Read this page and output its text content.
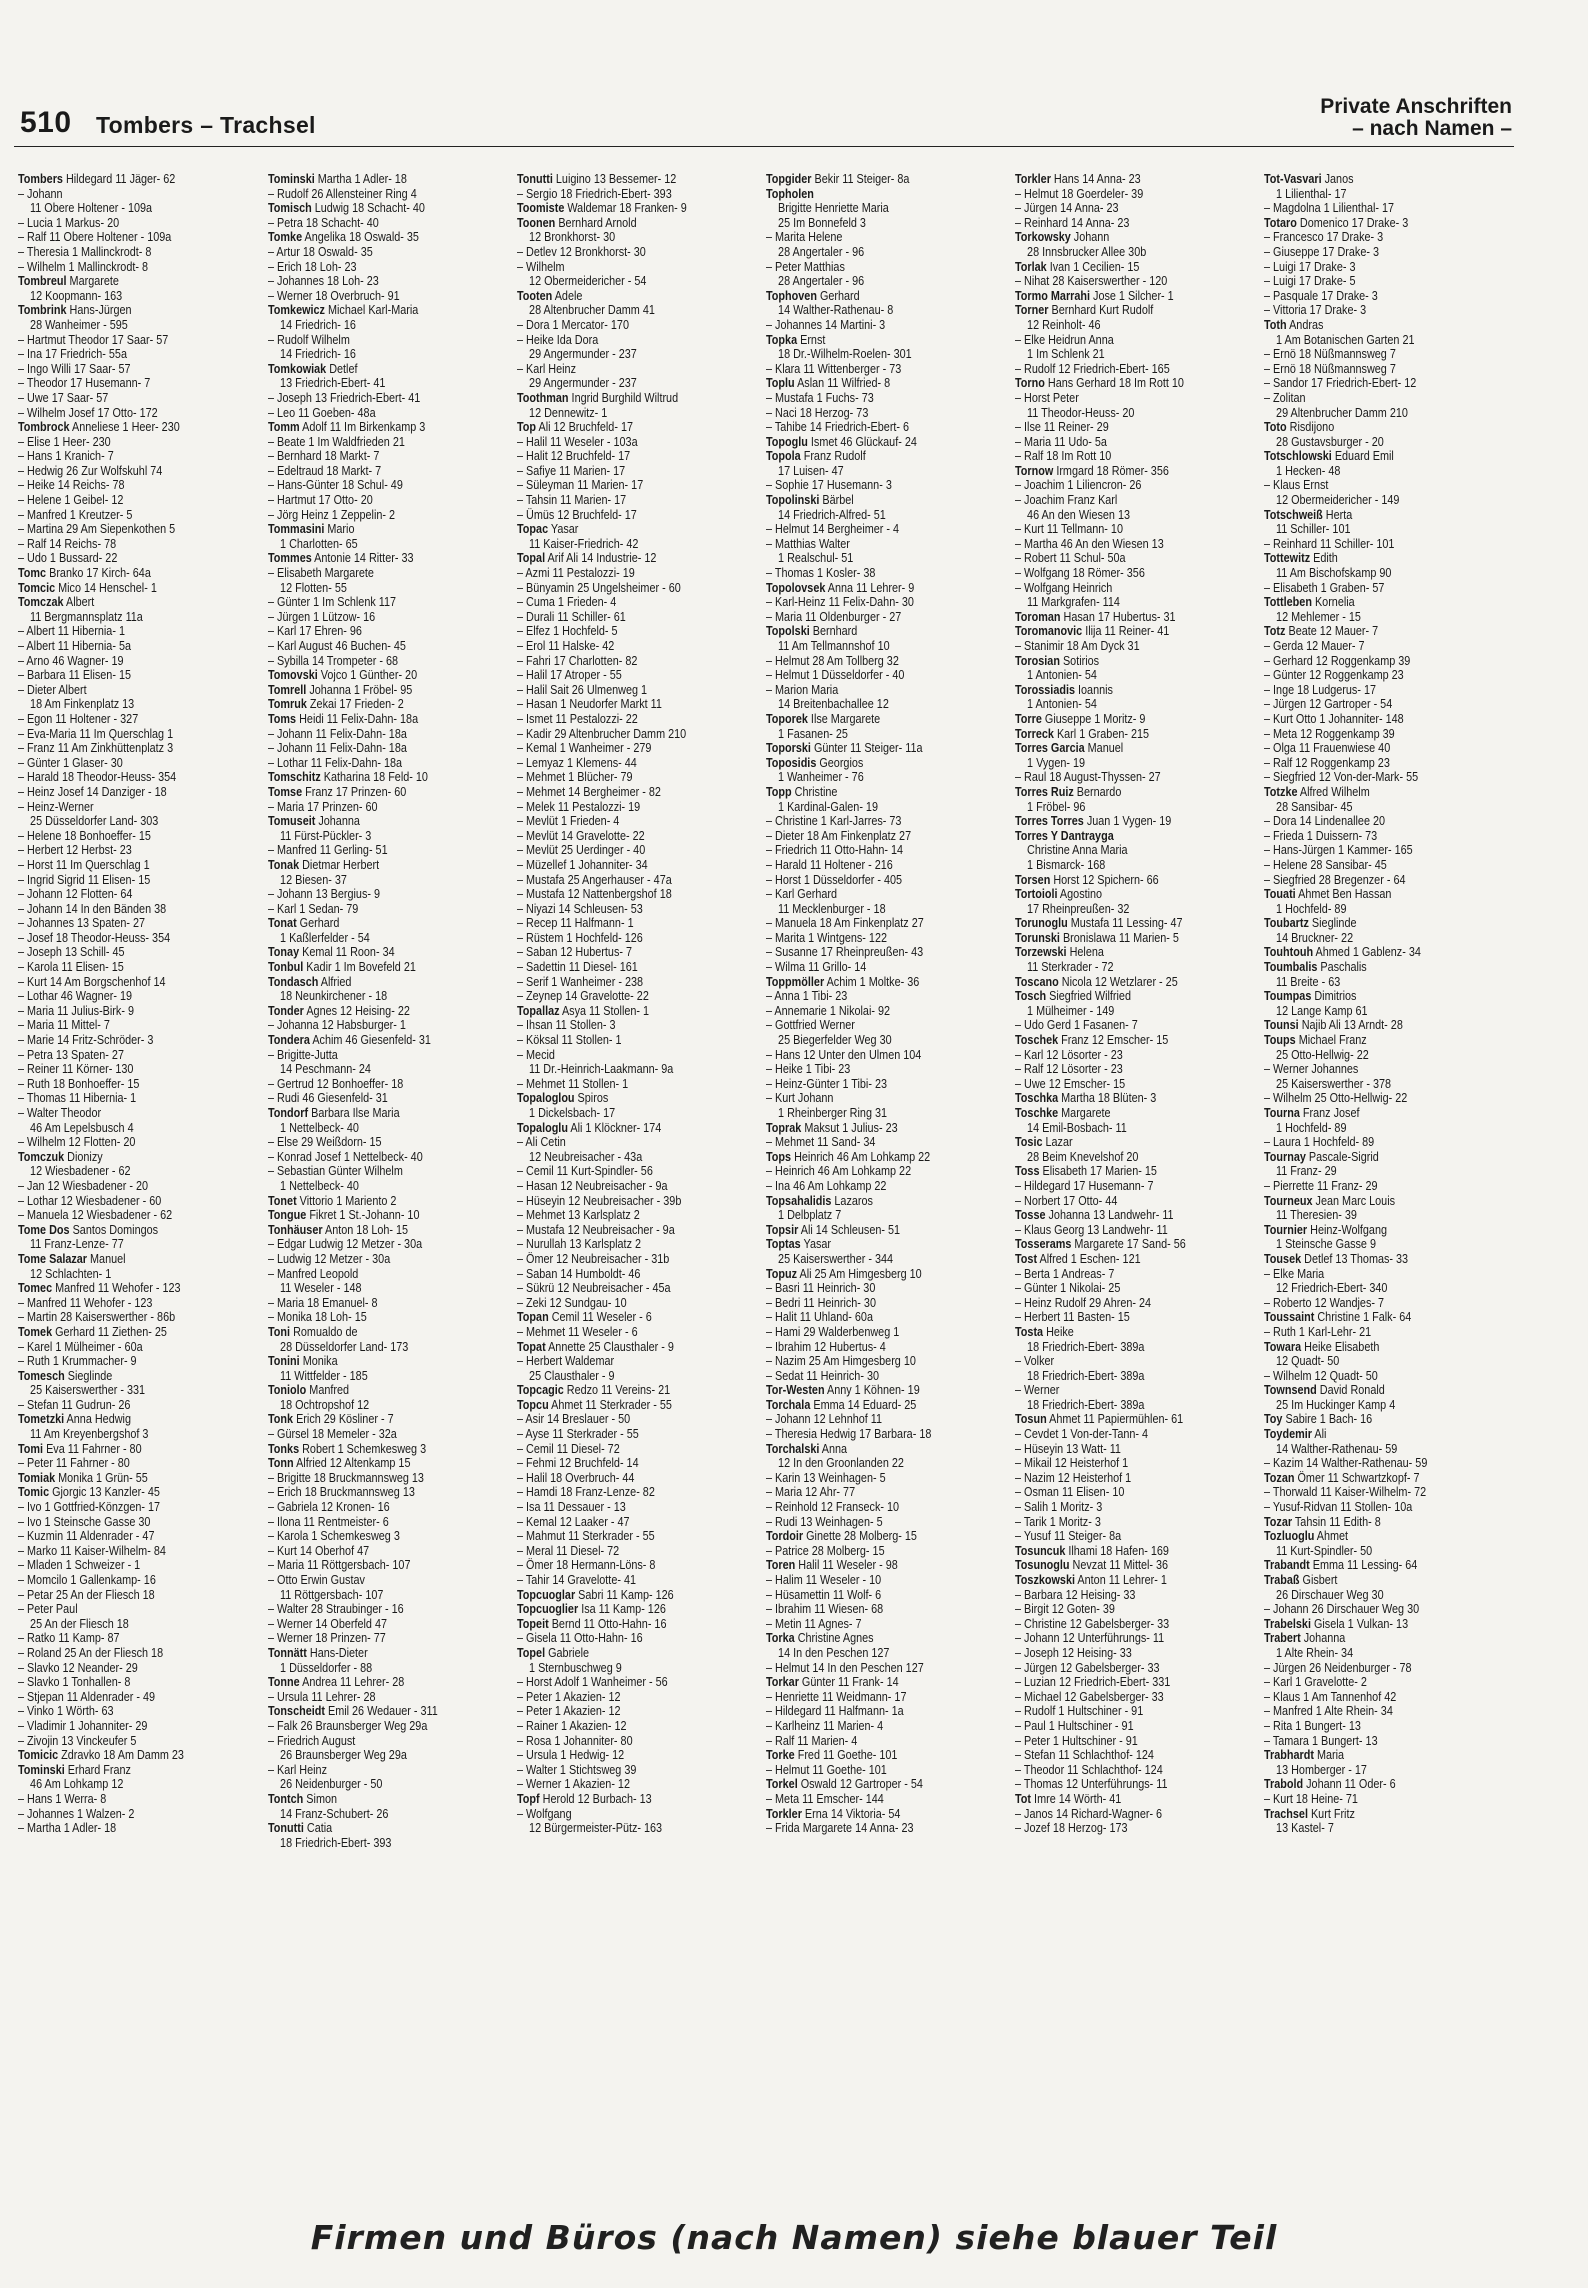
510 Tombers – Trachsel
Private Anschriften
– nach Namen –
Tombers Hildegard 11 Jäger- 62
– Johann
11 Obere Holtener - 109a
– Lucia 1 Markus- 20
– Ralf 11 Obere Holtener - 109a
– Theresia 1 Mallinckrodt- 8
– Wilhelm 1 Mallinckrodt- 8
Tombreul Margarete
12 Koopmann- 163
Tombrink Hans-Jürgen
28 Wanheimer - 595
– Hartmut Theodor 17 Saar- 57
– Ina 17 Friedrich- 55a
– Ingo Willi 17 Saar- 57
– Theodor 17 Husemann- 7
– Uwe 17 Saar- 57
– Wilhelm Josef 17 Otto- 172
Tombrock Anneliese 1 Heer- 230
– Elise 1 Heer- 230
– Hans 1 Kranich- 7
– Hedwig 26 Zur Wolfskuhl 74
– Heike 14 Reichs- 78
– Helene 1 Geibel- 12
– Manfred 1 Kreutzer- 5
– Martina 29 Am Siepenkothen 5
– Ralf 14 Reichs- 78
– Udo 1 Bussard- 22
Tomc Branko 17 Kirch- 64a
Tomcic Mico 14 Henschel- 1
Tomczak Albert
11 Bergmannsplatz 11a
– Albert 11 Hibernia- 1
– Albert 11 Hibernia- 5a
– Arno 46 Wagner- 19
– Barbara 11 Elisen- 15
– Dieter Albert
18 Am Finkenplatz 13
– Egon 11 Holtener - 327
– Eva-Maria 11 Im Querschlag 1
– Franz 11 Am Zinkhüttenplatz 3
– Günter 1 Glaser- 30
– Harald 18 Theodor-Heuss- 354
– Heinz Josef 14 Danziger - 18
– Heinz-Werner
25 Düsseldorfer Land- 303
– Helene 18 Bonhoeffer- 15
– Herbert 12 Herbst- 23
– Horst 11 Im Querschlag 1
– Ingrid Sigrid 11 Elisen- 15
– Johann 12 Flotten- 64
– Johann 14 In den Bänden 38
– Johannes 13 Spaten- 27
– Josef 18 Theodor-Heuss- 354
– Joseph 13 Schill- 45
– Karola 11 Elisen- 15
– Kurt 14 Am Borgschenhof 14
– Lothar 46 Wagner- 19
– Maria 11 Julius-Birk- 9
– Maria 11 Mittel- 7
– Marie 14 Fritz-Schröder- 3
– Petra 13 Spaten- 27
– Reiner 11 Körner- 130
– Ruth 18 Bonhoeffer- 15
– Thomas 11 Hibernia- 1
– Walter Theodor
46 Am Lepelsbusch 4
– Wilhelm 12 Flotten- 20
Tomczuk Dionizy
12 Wiesbadener - 62
– Jan 12 Wiesbadener - 20
– Lothar 12 Wiesbadener - 60
– Manuela 12 Wiesbadener - 62
Tome Dos Santos Domingos
11 Franz-Lenze- 77
Tome Salazar Manuel
12 Schlachten- 1
Tomec Manfred 11 Wehofer - 123
– Manfred 11 Wehofer - 123
– Martin 28 Kaiserswerther - 86b
Tomek Gerhard 11 Ziethen- 25
– Karel 1 Mülheimer - 60a
– Ruth 1 Krummacher- 9
Tomesch Sieglinde
25 Kaiserswerther - 331
– Stefan 11 Gudrun- 26
Tometzki Anna Hedwig
11 Am Kreyenbergshof 3
Tomi Eva 11 Fahrner - 80
– Peter 11 Fahrner - 80
Tomiak Monika 1 Grün- 55
Tomic Gjorgic 13 Kanzler- 45
– Ivo 1 Gottfried-Könzgen- 17
– Ivo 1 Steinsche Gasse 30
– Kuzmin 11 Aldenrader - 47
– Marko 11 Kaiser-Wilhelm- 84
– Mladen 1 Schweizer - 1
– Momcilo 1 Gallenkamp- 16
– Petar 25 An der Fliesch 18
– Peter Paul
25 An der Fliesch 18
– Ratko 11 Kamp- 87
– Roland 25 An der Fliesch 18
– Slavko 12 Neander- 29
– Slavko 1 Tonhallen- 8
– Stjepan 11 Aldenrader - 49
– Vinko 1 Wörth- 63
– Vladimir 1 Johanniter- 29
– Zivojin 13 Vinckeufer 5
Tomicic Zdravko 18 Am Damm 23
Tominski Erhard Franz
46 Am Lohkamp 12
– Hans 1 Werra- 8
– Johannes 1 Walzen- 2
– Martha 1 Adler- 18
Tominski Martha 1 Adler- 18
– Rudolf 26 Allensteiner Ring 4
Tomisch Ludwig 18 Schacht- 40
– Petra 18 Schacht- 40
Tomke Angelika 18 Oswald- 35
– Artur 18 Oswald- 35
– Erich 18 Loh- 23
– Johannes 18 Loh- 23
– Werner 18 Overbruch- 91
Tomkewicz Michael Karl-Maria
14 Friedrich- 16
– Rudolf Wilhelm
14 Friedrich- 16
Tomkowiak Detlef
13 Friedrich-Ebert- 41
– Joseph 13 Friedrich-Ebert- 41
– Leo 11 Goeben- 48a
Tomm Adolf 11 Im Birkenkamp 3
– Beate 1 Im Waldfrieden 21
– Bernhard 18 Markt- 7
– Edeltraud 18 Markt- 7
– Hans-Günter 18 Schul- 49
– Hartmut 17 Otto- 20
– Jörg Heinz 1 Zeppelin- 2
Tommasini Mario
1 Charlotten- 65
Tommes Antonie 14 Ritter- 33
– Elisabeth Margarete
12 Flotten- 55
– Günter 1 Im Schlenk 117
– Jürgen 1 Lützow- 16
– Karl 17 Ehren- 96
– Karl August 46 Buchen- 45
– Sybilla 14 Trompeter - 68
Tomovski Vojco 1 Günther- 20
Tomrell Johanna 1 Fröbel- 95
Tomruk Zekai 17 Frieden- 2
Toms Heidi 11 Felix-Dahn- 18a
– Johann 11 Felix-Dahn- 18a
– Johann 11 Felix-Dahn- 18a
– Lothar 11 Felix-Dahn- 18a
Tomschitz Katharina 18 Feld- 10
Tomse Franz 17 Prinzen- 60
– Maria 17 Prinzen- 60
Tomuseit Johanna
11 Fürst-Pückler- 3
– Manfred 11 Gerling- 51
Tonak Dietmar Herbert
12 Biesen- 37
– Johann 13 Bergius- 9
– Karl 1 Sedan- 79
Tonat Gerhard
1 Kaßlerfelder - 54
Tonay Kemal 11 Roon- 34
Tonbul Kadir 1 Im Bovefeld 21
Tondasch Alfried
18 Neunkirchener - 18
Tonder Agnes 12 Heising- 22
– Johanna 12 Habsburger- 1
Tondera Achim 46 Giesenfeld- 31
– Brigitte-Jutta
14 Peschmann- 24
– Gertrud 12 Bonhoeffer- 18
– Rudi 46 Giesenfeld- 31
Tondorf Barbara Ilse Maria
1 Nettelbeck- 40
– Else 29 Weißdorn- 15
– Konrad Josef 1 Nettelbeck- 40
– Sebastian Günter Wilhelm
1 Nettelbeck- 40
Tonet Vittorio 1 Mariento 2
Tongue Fikret 1 St.-Johann- 10
Tonhäuser Anton 18 Loh- 15
– Edgar Ludwig 12 Metzer - 30a
– Ludwig 12 Metzer - 30a
– Manfred Leopold
11 Weseler - 148
– Maria 18 Emanuel- 8
– Monika 18 Loh- 15
Toni Romualdo de
28 Düsseldorfer Land- 173
Tonini Monika
11 Wittfelder - 185
Toniolo Manfred
18 Ochtropshof 12
Tonk Erich 29 Kösliner - 7
– Gürsel 18 Memeler - 32a
Tonks Robert 1 Schemkesweg 3
Tonn Alfried 12 Altenkamp 15
– Brigitte 18 Bruckmannsweg 13
– Erich 18 Bruckmannsweg 13
– Gabriela 12 Kronen- 16
– Ilona 11 Rentmeister- 6
– Karola 1 Schemkesweg 3
– Kurt 14 Oberhof 47
– Maria 11 Röttgersbach- 107
– Otto Erwin Gustav
11 Röttgersbach- 107
– Walter 28 Straubinger - 16
– Werner 14 Oberfeld 47
– Werner 18 Prinzen- 77
Tonnätt Hans-Dieter
1 Düsseldorfer - 88
Tonne Andrea 11 Lehrer- 28
– Ursula 11 Lehrer- 28
Tonscheidt Emil 26 Wedauer - 311
– Falk 26 Braunsberger Weg 29a
– Friedrich August
26 Braunsberger Weg 29a
– Karl Heinz
26 Neidenburger - 50
Tontch Simon
14 Franz-Schubert- 26
Tonutti Catia
18 Friedrich-Ebert- 393
Tonutti Luigino 13 Bessemer- 12
– Sergio 18 Friedrich-Ebert- 393
Toomiste Waldemar 18 Franken- 9
Toonen Bernhard Arnold
12 Bronkhorst- 30
– Detlev 12 Bronkhorst- 30
– Wilhelm
12 Obermeidericher - 54
Tooten Adele
28 Altenbrucher Damm 41
– Dora 1 Mercator- 170
– Heike Ida Dora
29 Angermunder - 237
– Karl Heinz
29 Angermunder - 237
Toothman Ingrid Burghild Wiltrud
12 Dennewitz- 1
Top Ali 12 Bruchfeld- 17
– Halil 11 Weseler - 103a
– Halit 12 Bruchfeld- 17
– Safiye 11 Marien- 17
– Süleyman 11 Marien- 17
– Tahsin 11 Marien- 17
– Ümüs 12 Bruchfeld- 17
Topac Yasar
11 Kaiser-Friedrich- 42
Topal Arif Ali 14 Industrie- 12
– Azmi 11 Pestalozzi- 19
– Bünyamin 25 Ungelsheimer - 60
– Cuma 1 Frieden- 4
– Durali 11 Schiller- 61
– Elfez 1 Hochfeld- 5
– Erol 11 Halske- 42
– Fahri 17 Charlotten- 82
– Halil 17 Atroper - 55
– Halil Sait 26 Ulmenweg 1
– Hasan 1 Neudorfer Markt 11
– Ismet 11 Pestalozzi- 22
– Kadir 29 Altenbrucher Damm 210
– Kemal 1 Wanheimer - 279
– Lemyaz 1 Klemens- 44
– Mehmet 1 Blücher- 79
– Mehmet 14 Bergheimer - 82
– Melek 11 Pestalozzi- 19
– Mevlüt 1 Frieden- 4
– Mevlüt 14 Gravelotte- 22
– Mevlüt 25 Uerdinger - 40
– Müzellef 1 Johanniter- 34
– Mustafa 25 Angerhauser - 47a
– Mustafa 12 Nattenbergshof 18
– Niyazi 14 Schleusen- 53
– Recep 11 Halfmann- 1
– Rüstem 1 Hochfeld- 126
– Saban 12 Hubertus- 7
– Sadettin 11 Diesel- 161
– Serif 1 Wanheimer - 238
– Zeynep 14 Gravelotte- 22
Topallaz Asya 11 Stollen- 1
– Ihsan 11 Stollen- 3
– Köksal 11 Stollen- 1
– Mecid
11 Dr.-Heinrich-Laakmann- 9a
– Mehmet 11 Stollen- 1
Topaloglou Spiros
1 Dickelsbach- 17
Topaloglu Ali 1 Klöckner- 174
– Ali Cetin
12 Neubreisacher - 43a
– Cemil 11 Kurt-Spindler- 56
– Hasan 12 Neubreisacher - 9a
– Hüseyin 12 Neubreisacher - 39b
– Mehmet 13 Karlsplatz 2
– Mustafa 12 Neubreisacher - 9a
– Nurullah 13 Karlsplatz 2
– Ömer 12 Neubreisacher - 31b
– Saban 14 Humboldt- 46
– Sükrü 12 Neubreisacher - 45a
– Zeki 12 Sundgau- 10
Topan Cemil 11 Weseler - 6
– Mehmet 11 Weseler - 6
Topat Annette 25 Clausthaler - 9
– Herbert Waldemar
25 Clausthaler - 9
Topcagic Redzo 11 Vereins- 21
Topcu Ahmet 11 Sterkrader - 55
– Asir 14 Breslauer - 50
– Ayse 11 Sterkrader - 55
– Cemil 11 Diesel- 72
– Fehmi 12 Bruchfeld- 14
– Halil 18 Overbruch- 44
– Hamdi 18 Franz-Lenze- 82
– Isa 11 Dessauer - 13
– Kemal 12 Laaker - 47
– Mahmut 11 Sterkrader - 55
– Meral 11 Diesel- 72
– Ömer 18 Hermann-Löns- 8
– Tahir 14 Gravelotte- 41
Topcuoglar Sabri 11 Kamp- 126
Topcuoglier Isa 11 Kamp- 126
Topeit Bernd 11 Otto-Hahn- 16
– Gisela 11 Otto-Hahn- 16
Topel Gabriele
1 Sternbuschweg 9
– Horst Adolf 1 Wanheimer - 56
– Peter 1 Akazien- 12
– Peter 1 Akazien- 12
– Rainer 1 Akazien- 12
– Rosa 1 Johanniter- 80
– Ursula 1 Hedwig- 12
– Walter 1 Stichtsweg 39
– Werner 1 Akazien- 12
Topf Herold 12 Burbach- 13
– Wolfgang
12 Bürgermeister-Pütz- 163
Topgider Bekir 11 Steiger- 8a
Topholen
Brigitte Henriette Maria
25 Im Bonnefeld 3
– Marita Helene
28 Angertaler - 96
– Peter Matthias
28 Angertaler - 96
Tophoven Gerhard
14 Walther-Rathenau- 8
– Johannes 14 Martini- 3
Topka Ernst
18 Dr.-Wilhelm-Roelen- 301
– Klara 11 Wittenberger - 73
Toplu Aslan 11 Wilfried- 8
– Mustafa 1 Fuchs- 73
– Naci 18 Herzog- 73
– Tahibe 14 Friedrich-Ebert- 6
Topoglu Ismet 46 Glückauf- 24
Topola Franz Rudolf
17 Luisen- 47
– Sophie 17 Husemann- 3
Topolinski Bärbel
14 Friedrich-Alfred- 51
– Helmut 14 Bergheimer - 4
– Matthias Walter
1 Realschul- 51
– Thomas 1 Kosler- 38
Topolovsek Anna 11 Lehrer- 9
– Karl-Heinz 11 Felix-Dahn- 30
– Maria 11 Oldenburger - 27
Topolski Bernhard
11 Am Tellmannshof 10
– Helmut 28 Am Tollberg 32
– Helmut 1 Düsseldorfer - 40
– Marion Maria
14 Breitenbachallee 12
Toporek Ilse Margarete
1 Fasanen- 25
Toporski Günter 11 Steiger- 11a
Toposidis Georgios
1 Wanheimer - 76
Topp Christine
1 Kardinal-Galen- 19
– Christine 1 Karl-Jarres- 73
– Dieter 18 Am Finkenplatz 27
– Friedrich 11 Otto-Hahn- 14
– Harald 11 Holtener - 216
– Horst 1 Düsseldorfer - 405
– Karl Gerhard
11 Mecklenburger - 18
– Manuela 18 Am Finkenplatz 27
– Marita 1 Wintgens- 122
– Susanne 17 Rheinpreußen- 43
– Wilma 11 Grillo- 14
Toppmöller Achim 1 Moltke- 36
– Anna 1 Tibi- 23
– Annemarie 1 Nikolai- 92
– Gottfried Werner
25 Biegerfelder Weg 30
– Hans 12 Unter den Ulmen 104
– Heike 1 Tibi- 23
– Heinz-Günter 1 Tibi- 23
– Kurt Johann
1 Rheinberger Ring 31
Toprak Maksut 1 Julius- 23
– Mehmet 11 Sand- 34
Tops Heinrich 46 Am Lohkamp 22
– Heinrich 46 Am Lohkamp 22
– Ina 46 Am Lohkamp 22
Topsahalidis Lazaros
1 Delbplatz 7
Topsir Ali 14 Schleusen- 51
Toptas Yasar
25 Kaiserswerther - 344
Topuz Ali 25 Am Himgesberg 10
– Basri 11 Heinrich- 30
– Bedri 11 Heinrich- 30
– Halit 11 Uhland- 60a
– Hami 29 Walderbenweg 1
– Ibrahim 12 Hubertus- 4
– Nazim 25 Am Himgesberg 10
– Sedat 11 Heinrich- 30
Tor-Westen Anny 1 Köhnen- 19
Torchala Emma 14 Eduard- 25
– Johann 12 Lehnhof 11
– Theresia Hedwig 17 Barbara- 18
Torchalski Anna
12 In den Groonlanden 22
– Karin 13 Weinhagen- 5
– Maria 12 Ahr- 77
– Reinhold 12 Franseck- 10
– Rudi 13 Weinhagen- 5
Tordoir Ginette 28 Molberg- 15
– Patrice 28 Molberg- 15
Toren Halil 11 Weseler - 98
– Halim 11 Weseler - 10
– Hüsamettin 11 Wolf- 6
– Ibrahim 11 Wiesen- 68
– Metin 11 Agnes- 7
Torka Christine Agnes
14 In den Peschen 127
– Helmut 14 In den Peschen 127
Torkar Günter 11 Frank- 14
– Henriette 11 Weidmann- 17
– Hildegard 11 Halfmann- 1a
– Karlheinz 11 Marien- 4
– Ralf 11 Marien- 4
Torke Fred 11 Goethe- 101
– Helmut 11 Goethe- 101
Torkel Oswald 12 Gartroper - 54
– Meta 11 Emscher- 144
Torkler Erna 14 Viktoria- 54
– Frida Margarete 14 Anna- 23
Torkler Hans 14 Anna- 23
– Helmut 18 Goerdeler- 39
– Jürgen 14 Anna- 23
– Reinhard 14 Anna- 23
Torkowsky Johann
28 Innsbrucker Allee 30b
Torlak Ivan 1 Cecilien- 15
– Nihat 28 Kaiserswerther - 120
Tormo Marrahi Jose 1 Silcher- 1
Torner Bernhard Kurt Rudolf
12 Reinholt- 46
– Elke Heidrun Anna
1 Im Schlenk 21
– Rudolf 12 Friedrich-Ebert- 165
Torno Hans Gerhard 18 Im Rott 10
– Horst Peter
11 Theodor-Heuss- 20
– Ilse 11 Reiner- 29
– Maria 11 Udo- 5a
– Ralf 18 Im Rott 10
Tornow Irmgard 18 Römer- 356
– Joachim 1 Liliencron- 26
– Joachim Franz Karl
46 An den Wiesen 13
– Kurt 11 Tellmann- 10
– Martha 46 An den Wiesen 13
– Robert 11 Schul- 50a
– Wolfgang 18 Römer- 356
– Wolfgang Heinrich
11 Markgrafen- 114
Toroman Hasan 17 Hubertus- 31
Toromanovic Ilija 11 Reiner- 41
– Stanimir 18 Am Dyck 31
Torosian Sotirios
1 Antonien- 54
Torossiadis Ioannis
1 Antonien- 54
Torre Giuseppe 1 Moritz- 9
Torreck Karl 1 Graben- 215
Torres Garcia Manuel
1 Vygen- 19
– Raul 18 August-Thyssen- 27
Torres Ruiz Bernardo
1 Fröbel- 96
Torres Torres Juan 1 Vygen- 19
Torres Y Dantrayga
Christine Anna Maria
1 Bismarck- 168
Torsen Horst 12 Spichern- 66
Tortoioli Agostino
17 Rheinpreußen- 32
Torunoglu Mustafa 11 Lessing- 47
Torunski Bronislawa 11 Marien- 5
Torzewski Helena
11 Sterkrader - 72
Toscano Nicola 12 Wetzlarer - 25
Tosch Siegfried Wilfried
1 Mülheimer - 149
– Udo Gerd 1 Fasanen- 7
Toschek Franz 12 Emscher- 15
– Karl 12 Lösorter - 23
– Ralf 12 Lösorter - 23
– Uwe 12 Emscher- 15
Toschka Martha 18 Blüten- 3
Toschke Margarete
14 Emil-Bosbach- 11
Tosic Lazar
28 Beim Knevelshof 20
Toss Elisabeth 17 Marien- 15
– Hildegard 17 Husemann- 7
– Norbert 17 Otto- 44
Tosse Johanna 13 Landwehr- 11
– Klaus Georg 13 Landwehr- 11
Tosserams Margarete 17 Sand- 56
Tost Alfred 1 Eschen- 121
– Berta 1 Andreas- 7
– Günter 1 Nikolai- 25
– Heinz Rudolf 29 Ahren- 24
– Herbert 11 Basten- 15
Tosta Heike
18 Friedrich-Ebert- 389a
– Volker
18 Friedrich-Ebert- 389a
– Werner
18 Friedrich-Ebert- 389a
Tosun Ahmet 11 Papiermühlen- 61
– Cevdet 1 Von-der-Tann- 4
– Hüseyin 13 Watt- 11
– Mikail 12 Heisterhof 1
– Nazim 12 Heisterhof 1
– Osman 11 Elisen- 10
– Salih 1 Moritz- 3
– Tarik 1 Moritz- 3
– Yusuf 11 Steiger- 8a
Tosuncuk Ilhami 18 Hafen- 169
Tosunoglu Nevzat 11 Mittel- 36
Toszkowski Anton 11 Lehrer- 1
– Barbara 12 Heising- 33
– Birgit 12 Goten- 39
– Christine 12 Gabelsberger- 33
– Johann 12 Unterführungs- 11
– Joseph 12 Heising- 33
– Jürgen 12 Gabelsberger- 33
– Luzian 12 Friedrich-Ebert- 331
– Michael 12 Gabelsberger- 33
– Rudolf 1 Hultschiner - 91
– Paul 1 Hultschiner - 91
– Peter 1 Hultschiner - 91
– Stefan 11 Schlachthof- 124
– Theodor 11 Schlachthof- 124
– Thomas 12 Unterführungs- 11
Tot Imre 14 Wörth- 41
– Janos 14 Richard-Wagner- 6
– Jozef 18 Herzog- 173
Tot-Vasvari Janos
1 Lilienthal- 17
– Magdolna 1 Lilienthal- 17
Totaro Domenico 17 Drake- 3
– Francesco 17 Drake- 3
– Giuseppe 17 Drake- 3
– Luigi 17 Drake- 3
– Luigi 17 Drake- 5
– Pasquale 17 Drake- 3
– Vittoria 17 Drake- 3
Toth Andras
1 Am Botanischen Garten 21
– Ernö 18 Nüßmannsweg 7
– Ernö 18 Nüßmannsweg 7
– Sandor 17 Friedrich-Ebert- 12
– Zolitan
29 Altenbrucher Damm 210
Toto Risdijono
28 Gustavsburger - 20
Totschlowski Eduard Emil
1 Hecken- 48
– Klaus Ernst
12 Obermeidericher - 149
Totschweiß Herta
11 Schiller- 101
– Reinhard 11 Schiller- 101
Tottewitz Edith
11 Am Bischofskamp 90
– Elisabeth 1 Graben- 57
Tottleben Kornelia
12 Mehlemer - 15
Totz Beate 12 Mauer- 7
– Gerda 12 Mauer- 7
– Gerhard 12 Roggenkamp 39
– Günter 12 Roggenkamp 23
– Inge 18 Ludgerus- 17
– Jürgen 12 Gartroper - 54
– Kurt Otto 1 Johanniter- 148
– Meta 12 Roggenkamp 39
– Olga 11 Frauenwiese 40
– Ralf 12 Roggenkamp 23
– Siegfried 12 Von-der-Mark- 55
Totzke Alfred Wilhelm
28 Sansibar- 45
– Dora 14 Lindenallee 20
– Frieda 1 Duissern- 73
– Hans-Jürgen 1 Kammer- 165
– Helene 28 Sansibar- 45
– Siegfried 28 Bregenzer - 64
Touati Ahmet Ben Hassan
1 Hochfeld- 89
Toubartz Sieglinde
14 Bruckner- 22
Touhtouh Ahmed 1 Gablenz- 34
Toumbalis Paschalis
11 Breite - 63
Toumpas Dimitrios
12 Lange Kamp 61
Tounsi Najib Ali 13 Arndt- 28
Toups Michael Franz
25 Otto-Hellwig- 22
– Werner Johannes
25 Kaiserswerther - 378
– Wilhelm 25 Otto-Hellwig- 22
Tourna Franz Josef
1 Hochfeld- 89
– Laura 1 Hochfeld- 89
Tournay Pascale-Sigrid
11 Franz- 29
– Pierrette 11 Franz- 29
Tourneux Jean Marc Louis
11 Theresien- 39
Tournier Heinz-Wolfgang
1 Steinsche Gasse 9
Tousek Detlef 13 Thomas- 33
– Elke Maria
12 Friedrich-Ebert- 340
– Roberto 12 Wandjes- 7
Toussaint Christine 1 Falk- 64
– Ruth 1 Karl-Lehr- 21
Towara Heike Elisabeth
12 Quadt- 50
– Wilhelm 12 Quadt- 50
Townsend David Ronald
25 Im Huckinger Kamp 4
Toy Sabire 1 Bach- 16
Toydemir Ali
14 Walther-Rathenau- 59
– Kazim 14 Walther-Rathenau- 59
Tozan Ömer 11 Schwartzkopf- 7
– Thorwald 11 Kaiser-Wilhelm- 72
– Yusuf-Ridvan 11 Stollen- 10a
Tozar Tahsin 11 Edith- 8
Tozluoglu Ahmet
11 Kurt-Spindler- 50
Trabandt Emma 11 Lessing- 64
Trabaß Gisbert
26 Dirschauer Weg 30
– Johann 26 Dirschauer Weg 30
Trabelski Gisela 1 Vulkan- 13
Trabert Johanna
1 Alte Rhein- 34
– Jürgen 26 Neidenburger - 78
– Karl 1 Gravelotte- 2
– Klaus 1 Am Tannenhof 42
– Manfred 1 Alte Rhein- 34
– Rita 1 Bungert- 13
– Tamara 1 Bungert- 13
Trabhardt Maria
13 Homberger - 17
Trabold Johann 11 Oder- 6
– Kurt 18 Heine- 71
Trachsel Kurt Fritz
13 Kastel- 7
Firmen und Büros (nach Namen) siehe blauer Teil
